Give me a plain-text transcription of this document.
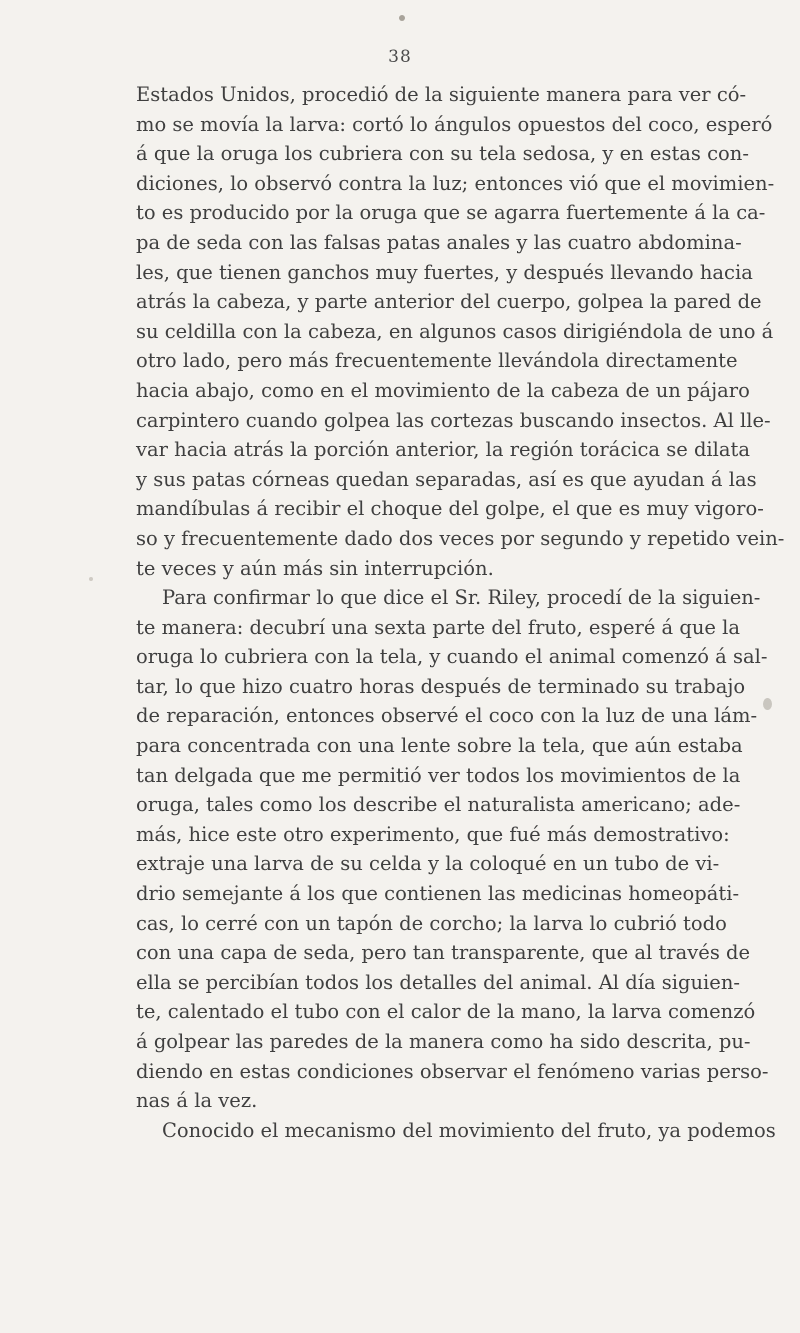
38
Estados Unidos, procedió de la siguiente manera para ver có-
mo se movía la larva: cortó lo ángulos opuestos del coco, esperó
á que la oruga los cubriera con su tela sedosa, y en estas con-
diciones, lo observó contra la luz; entonces vió que el movimien-
to es producido por la oruga que se agarra fuertemente á la ca-
pa de seda con las falsas patas anales y las cuatro abdomina-
les, que tienen ganchos muy fuertes, y después llevando hacia
atrás la cabeza, y parte anterior del cuerpo, golpea la pared de
su celdilla con la cabeza, en algunos casos dirigiéndola de uno á
otro lado, pero más frecuentemente llevándola directamente
hacia abajo, como en el movimiento de la cabeza de un pájaro
carpintero cuando golpea las cortezas buscando insectos. Al lle-
var hacia atrás la porción anterior, la región torácica se dilata
y sus patas córneas quedan separadas, así es que ayudan á las
mandíbulas á recibir el choque del golpe, el que es muy vigoro-
so y frecuentemente dado dos veces por segundo y repetido vein-
te veces y aún más sin interrupción.
Para confirmar lo que dice el Sr. Riley, procedí de la siguien-
te manera: decubrí una sexta parte del fruto, esperé á que la
oruga lo cubriera con la tela, y cuando el animal comenzó á sal-
tar, lo que hizo cuatro horas después de terminado su trabajo
de reparación, entonces observé el coco con la luz de una lám-
para concentrada con una lente sobre la tela, que aún estaba
tan delgada que me permitió ver todos los movimientos de la
oruga, tales como los describe el naturalista americano; ade-
más, hice este otro experimento, que fué más demostrativo:
extraje una larva de su celda y la coloqué en un tubo de vi-
drio semejante á los que contienen las medicinas homeopáti-
cas, lo cerré con un tapón de corcho; la larva lo cubrió todo
con una capa de seda, pero tan transparente, que al través de
ella se percibían todos los detalles del animal. Al día siguien-
te, calentado el tubo con el calor de la mano, la larva comenzó
á golpear las paredes de la manera como ha sido descrita, pu-
diendo en estas condiciones observar el fenómeno varias perso-
nas á la vez.
Conocido el mecanismo del movimiento del fruto, ya podemos
